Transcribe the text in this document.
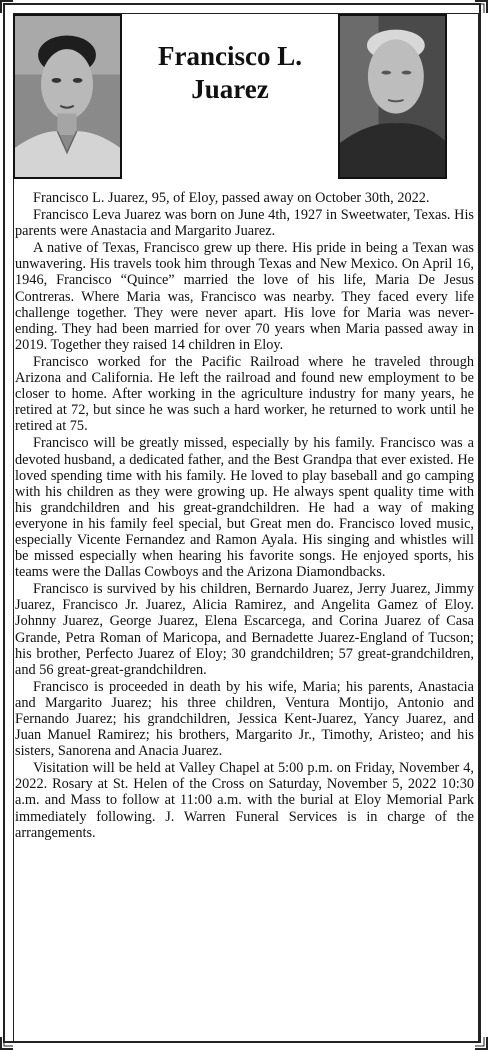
Francisco L.
Juarez

Francisco L. Juarez, 95, of Eloy, passed away on October 30th, 2022.

Francisco Leva Juarez was born on June 4th, 1927 in Sweetwater, Texas. His parents were Anastacia and Margarito Juarez.

A native of Texas, Francisco grew up there. His pride in being a Texan was unwavering. His travels took him through Texas and New Mexico. On April 16, 1946, Francisco “Quince” married the love of his life, Maria De Jesus Contreras. Where Maria was, Francisco was nearby. They faced every life challenge together. They were never apart. His love for Maria was never-ending. They had been married for over 70 years when Maria passed away in 2019. Together they raised 14 children in Eloy.

Francisco worked for the Pacific Railroad where he traveled through Arizona and California. He left the railroad and found new employment to be closer to home. After working in the agriculture industry for many years, he retired at 72, but since he was such a hard worker, he returned to work until he retired at 75.

Francisco will be greatly missed, especially by his family. Francisco was a devoted husband, a dedicated father, and the Best Grandpa that ever existed. He loved spending time with his family. He loved to play baseball and go camping with his children as they were growing up. He always spent quality time with his grandchildren and his great-grandchildren. He had a way of making everyone in his family feel special, but Great men do. Francisco loved music, especially Vicente Fernandez and Ramon Ayala. His singing and whistles will be missed especially when hearing his favorite songs. He enjoyed sports, his teams were the Dallas Cowboys and the Arizona Diamondbacks.

Francisco is survived by his children, Bernardo Juarez, Jerry Juarez, Jimmy Juarez, Francisco Jr. Juarez, Alicia Ramirez, and Angelita Gamez of Eloy. Johnny Juarez, George Juarez, Elena Escarcega, and Corina Juarez of Casa Grande, Petra Roman of Maricopa, and Bernadette Juarez-England of Tucson; his brother, Perfecto Juarez of Eloy; 30 grandchildren; 57 great-grandchildren, and 56 great-great-grandchildren.

Francisco is proceeded in death by his wife, Maria; his parents, Anastacia and Margarito Juarez; his three children, Ventura Montijo, Antonio and Fernando Juarez; his grandchildren, Jessica Kent-Juarez, Yancy Juarez, and Juan Manuel Ramirez; his brothers, Margarito Jr., Timothy, Aristeo; and his sisters, Sanorena and Anacia Juarez.

Visitation will be held at Valley Chapel at 5:00 p.m. on Friday, November 4, 2022. Rosary at St. Helen of the Cross on Saturday, November 5, 2022 10:30 a.m. and Mass to follow at 11:00 a.m. with the burial at Eloy Memorial Park immediately following. J. Warren Funeral Services is in charge of the arrangements.
